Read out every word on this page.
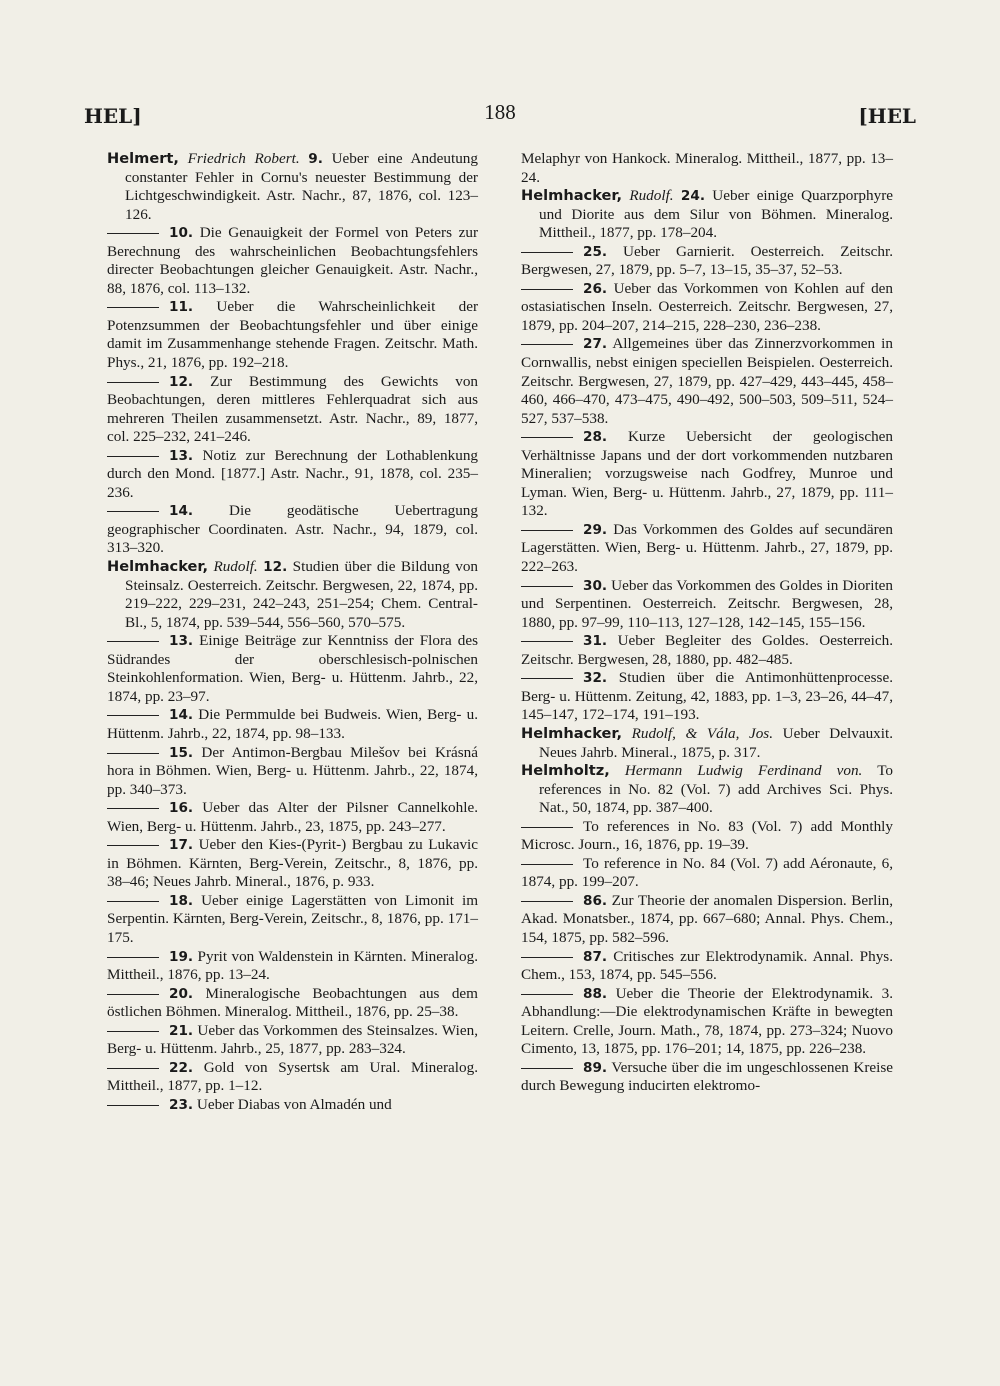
HEL]	188	[HEL

Helmert, Friedrich Robert. 9. Ueber eine Andeutung constanter Fehler in Cornu's neuester Bestimmung der Lichtgeschwindigkeit. Astr. Nachr., 87, 1876, col. 123–126.

10. Die Genauigkeit der Formel von Peters zur Berechnung des wahrscheinlichen Beobachtungsfehlers directer Beobachtungen gleicher Genauigkeit. Astr. Nachr., 88, 1876, col. 113–132.

11. Ueber die Wahrscheinlichkeit der Potenzsummen der Beobachtungsfehler und über einige damit im Zusammenhange stehende Fragen. Zeitschr. Math. Phys., 21, 1876, pp. 192–218.

12. Zur Bestimmung des Gewichts von Beobachtungen, deren mittleres Fehlerquadrat sich aus mehreren Theilen zusammensetzt. Astr. Nachr., 89, 1877, col. 225–232, 241–246.

13. Notiz zur Berechnung der Lothablenkung durch den Mond. [1877.] Astr. Nachr., 91, 1878, col. 235–236.

14. Die geodätische Uebertragung geographischer Coordinaten. Astr. Nachr., 94, 1879, col. 313–320.

Helmhacker, Rudolf. 12. Studien über die Bildung von Steinsalz. Oesterreich. Zeitschr. Bergwesen, 22, 1874, pp. 219–222, 229–231, 242–243, 251–254; Chem. Central-Bl., 5, 1874, pp. 539–544, 556–560, 570–575.

13. Einige Beiträge zur Kenntniss der Flora des Südrandes der oberschlesisch-polnischen Steinkohlenformation. Wien, Berg- u. Hüttenm. Jahrb., 22, 1874, pp. 23–97.

14. Die Permmulde bei Budweis. Wien, Berg- u. Hüttenm. Jahrb., 22, 1874, pp. 98–133.

15. Der Antimon-Bergbau Milešov bei Krásná hora in Böhmen. Wien, Berg- u. Hüttenm. Jahrb., 22, 1874, pp. 340–373.

16. Ueber das Alter der Pilsner Cannelkohle. Wien, Berg- u. Hüttenm. Jahrb., 23, 1875, pp. 243–277.

17. Ueber den Kies-(Pyrit-) Bergbau zu Lukavic in Böhmen. Kärnten, Berg-Verein, Zeitschr., 8, 1876, pp. 38–46; Neues Jahrb. Mineral., 1876, p. 933.

18. Ueber einige Lagerstätten von Limonit im Serpentin. Kärnten, Berg-Verein, Zeitschr., 8, 1876, pp. 171–175.

19. Pyrit von Waldenstein in Kärnten. Mineralog. Mittheil., 1876, pp. 13–24.

20. Mineralogische Beobachtungen aus dem östlichen Böhmen. Mineralog. Mittheil., 1876, pp. 25–38.

21. Ueber das Vorkommen des Steinsalzes. Wien, Berg- u. Hüttenm. Jahrb., 25, 1877, pp. 283–324.

22. Gold von Sysertsk am Ural. Mineralog. Mittheil., 1877, pp. 1–12.

23. Ueber Diabas von Almadén und

Melaphyr von Hankock. Mineralog. Mittheil., 1877, pp. 13–24.

Helmhacker, Rudolf. 24. Ueber einige Quarzporphyre und Diorite aus dem Silur von Böhmen. Mineralog. Mittheil., 1877, pp. 178–204.

25. Ueber Garnierit. Oesterreich. Zeitschr. Bergwesen, 27, 1879, pp. 5–7, 13–15, 35–37, 52–53.

26. Ueber das Vorkommen von Kohlen auf den ostasiatischen Inseln. Oesterreich. Zeitschr. Bergwesen, 27, 1879, pp. 204–207, 214–215, 228–230, 236–238.

27. Allgemeines über das Zinnerzvorkommen in Cornwallis, nebst einigen speciellen Beispielen. Oesterreich. Zeitschr. Bergwesen, 27, 1879, pp. 427–429, 443–445, 458–460, 466–470, 473–475, 490–492, 500–503, 509–511, 524–527, 537–538.

28. Kurze Uebersicht der geologischen Verhältnisse Japans und der dort vorkommenden nutzbaren Mineralien; vorzugsweise nach Godfrey, Munroe und Lyman. Wien, Berg- u. Hüttenm. Jahrb., 27, 1879, pp. 111–132.

29. Das Vorkommen des Goldes auf secundären Lagerstätten. Wien, Berg- u. Hüttenm. Jahrb., 27, 1879, pp. 222–263.

30. Ueber das Vorkommen des Goldes in Dioriten und Serpentinen. Oesterreich. Zeitschr. Bergwesen, 28, 1880, pp. 97–99, 110–113, 127–128, 142–145, 155–156.

31. Ueber Begleiter des Goldes. Oesterreich. Zeitschr. Bergwesen, 28, 1880, pp. 482–485.

32. Studien über die Antimonhüttenprocesse. Berg- u. Hüttenm. Zeitung, 42, 1883, pp. 1–3, 23–26, 44–47, 145–147, 172–174, 191–193.

Helmhacker, Rudolf, & Vála, Jos. Ueber Delvauxit. Neues Jahrb. Mineral., 1875, p. 317.

Helmholtz, Hermann Ludwig Ferdinand von. To references in No. 82 (Vol. 7) add Archives Sci. Phys. Nat., 50, 1874, pp. 387–400.

To references in No. 83 (Vol. 7) add Monthly Microsc. Journ., 16, 1876, pp. 19–39.

To reference in No. 84 (Vol. 7) add Aéronaute, 6, 1874, pp. 199–207.

86. Zur Theorie der anomalen Dispersion. Berlin, Akad. Monatsber., 1874, pp. 667–680; Annal. Phys. Chem., 154, 1875, pp. 582–596.

87. Critisches zur Elektrodynamik. Annal. Phys. Chem., 153, 1874, pp. 545–556.

88. Ueber die Theorie der Elektrodynamik. 3. Abhandlung:—Die elektrodynamischen Kräfte in bewegten Leitern. Crelle, Journ. Math., 78, 1874, pp. 273–324; Nuovo Cimento, 13, 1875, pp. 176–201; 14, 1875, pp. 226–238.

89. Versuche über die im ungeschlossenen Kreise durch Bewegung inducirten elektromo-
